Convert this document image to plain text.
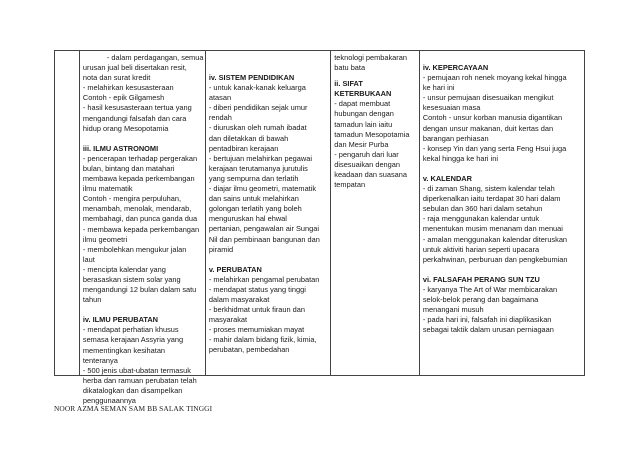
- dalam perdagangan, semua
urusan jual beli disertakan resit,
nota dan surat kredit
- melahirkan kesusasteraan
Contoh - epik Gilgamesh
- hasil kesusasteraan tertua yang
mengandungi falsafah dan cara
hidup orang Mesopotamia
iii. ILMU ASTRONOMI
- pencerapan terhadap pergerakan
bulan, bintang dan matahari
membawa kepada perkembangan
ilmu matematik
Contoh - mengira perpuluhan,
menambah, menolak, mendarab,
membahagi, dan punca ganda dua
- membawa kepada perkembangan
ilmu geometri
- membolehkan mengukur jalan
laut
- mencipta kalendar yang
berasaskan sistem solar yang
mengandungi 12 bulan dalam satu
tahun
iv. ILMU PERUBATAN
- mendapat perhatian khusus
semasa kerajaan Assyria yang
mementingkan kesihatan
tenteranya
- 500 jenis ubat-ubatan termasuk
herba dan ramuan perubatan telah
dikatalogkan dan disampelkan
penggunaannya
iv. SISTEM PENDIDIKAN
- untuk kanak-kanak keluarga
atasan
- diberi pendidikan sejak umur
rendah
- diuruskan oleh rumah ibadat
dan diletakkan di bawah
pentadbiran kerajaan
- bertujuan melahirkan pegawai
kerajaan terutamanya jurutulis
yang sempurna dan terlatih
- diajar ilmu geometri, matematik
dan sains untuk melahirkan
golongan terlatih yang boleh
menguruskan hal ehwal
pertanian, pengawalan air Sungai
Nil dan pembinaan bangunan dan
piramid
v. PERUBATAN
- melahirkan pengamal perubatan
- mendapat status yang tinggi
dalam masyarakat
- berkhidmat untuk firaun dan
masyarakat
- proses memumiakan mayat
- mahir dalam bidang fizik, kimia,
perubatan, pembedahan
teknologi pembakaran
batu bata
ii. SIFAT
KETERBUKAAN
- dapat membuat
hubungan dengan
tamadun lain iaitu
tamadun Mesopotamia
dan Mesir Purba
- pengaruh dari luar
disesuaikan dengan
keadaan dan suasana
tempatan
iv. KEPERCAYAAN
- pemujaan roh nenek moyang kekal hingga
ke hari ini
- unsur pemujaan disesuaikan mengikut
kesesuaian masa
Contoh - unsur korban manusia digantikan
dengan unsur makanan, duit kertas dan
barangan perhiasan
- konsep Yin dan yang serta Feng Hsui juga
kekal hingga ke hari ini
v. KALENDAR
- di zaman Shang, sistem kalendar telah
diperkenalkan iaitu terdapat 30 hari dalam
sebulan dan 360 hari dalam setahun
- raja menggunakan kalendar untuk
menentukan musim menanam dan menuai
- amalan menggunakan kalendar diteruskan
untuk aktiviti harian seperti upacara
perkahwinan, perburuan dan pengkebumian
vi. FALSAFAH PERANG SUN TZU
- karyanya The Art of War membicarakan
selok-belok perang dan bagaimana
menangani musuh
- pada hari ini, falsafah ini diaplikasikan
sebagai taktik dalam urusan perniagaan
NOOR AZMA SEMAN SAM BB SALAK TINGGI
